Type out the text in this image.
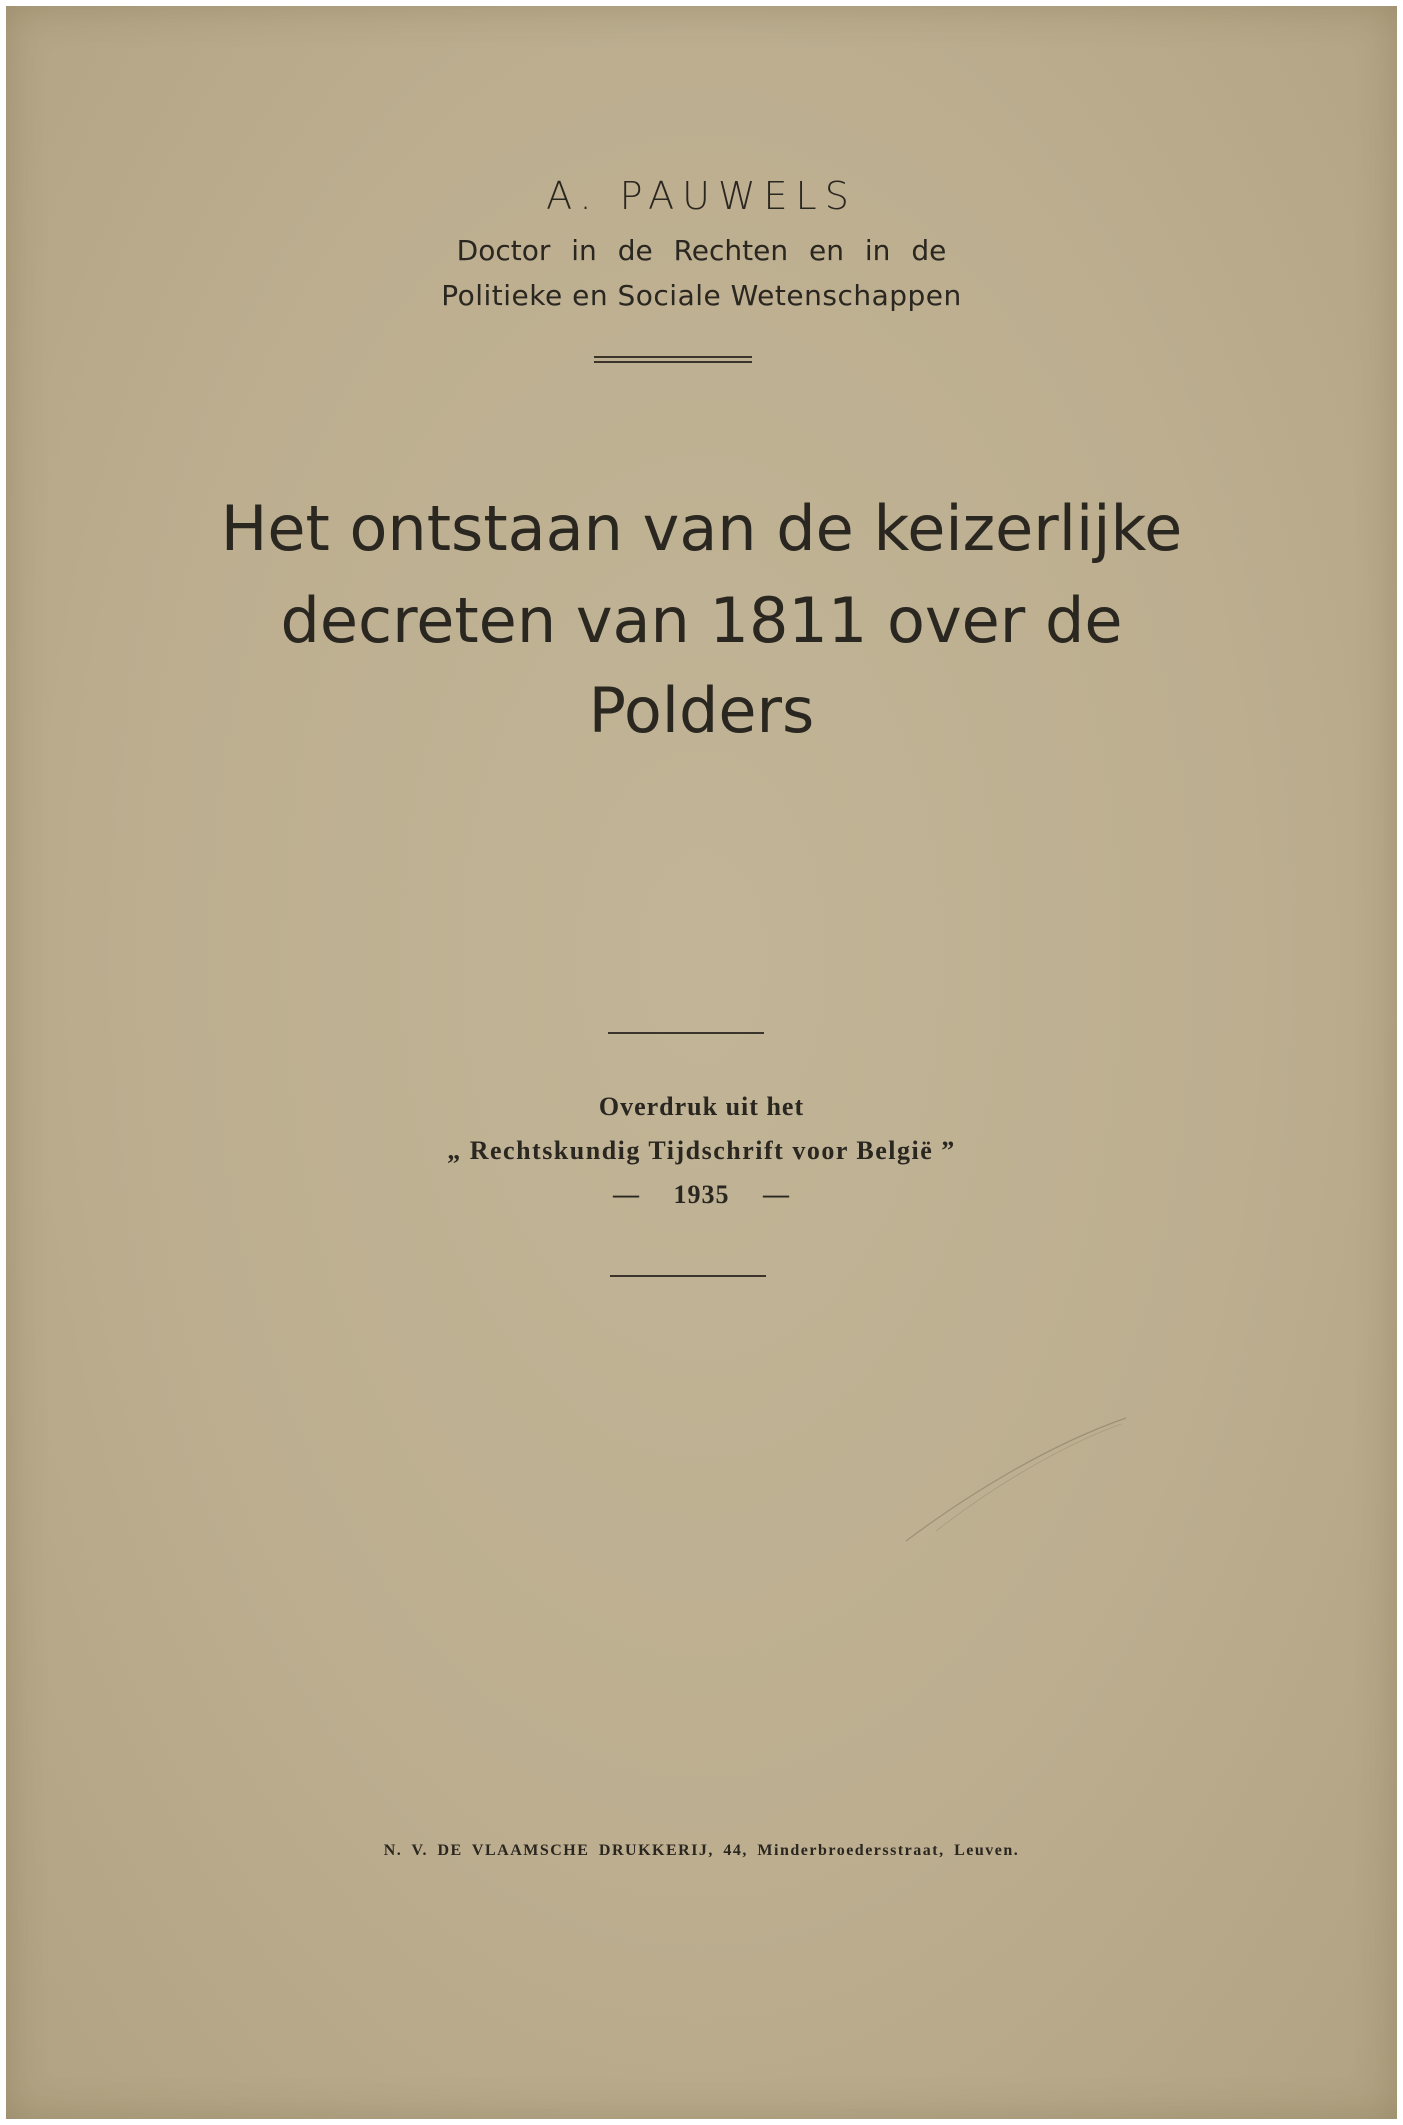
A. PAUWELS
Doctor in de Rechten en in de
Politieke en Sociale Wetenschappen
Het ontstaan van de keizerlijke
decreten van 1811 over de
Polders
Overdruk uit het
„ Rechtskundig Tijdschrift voor België ”
— 1935 —
N. V. DE VLAAMSCHE DRUKKERIJ, 44, Minderbroedersstraat, Leuven.
